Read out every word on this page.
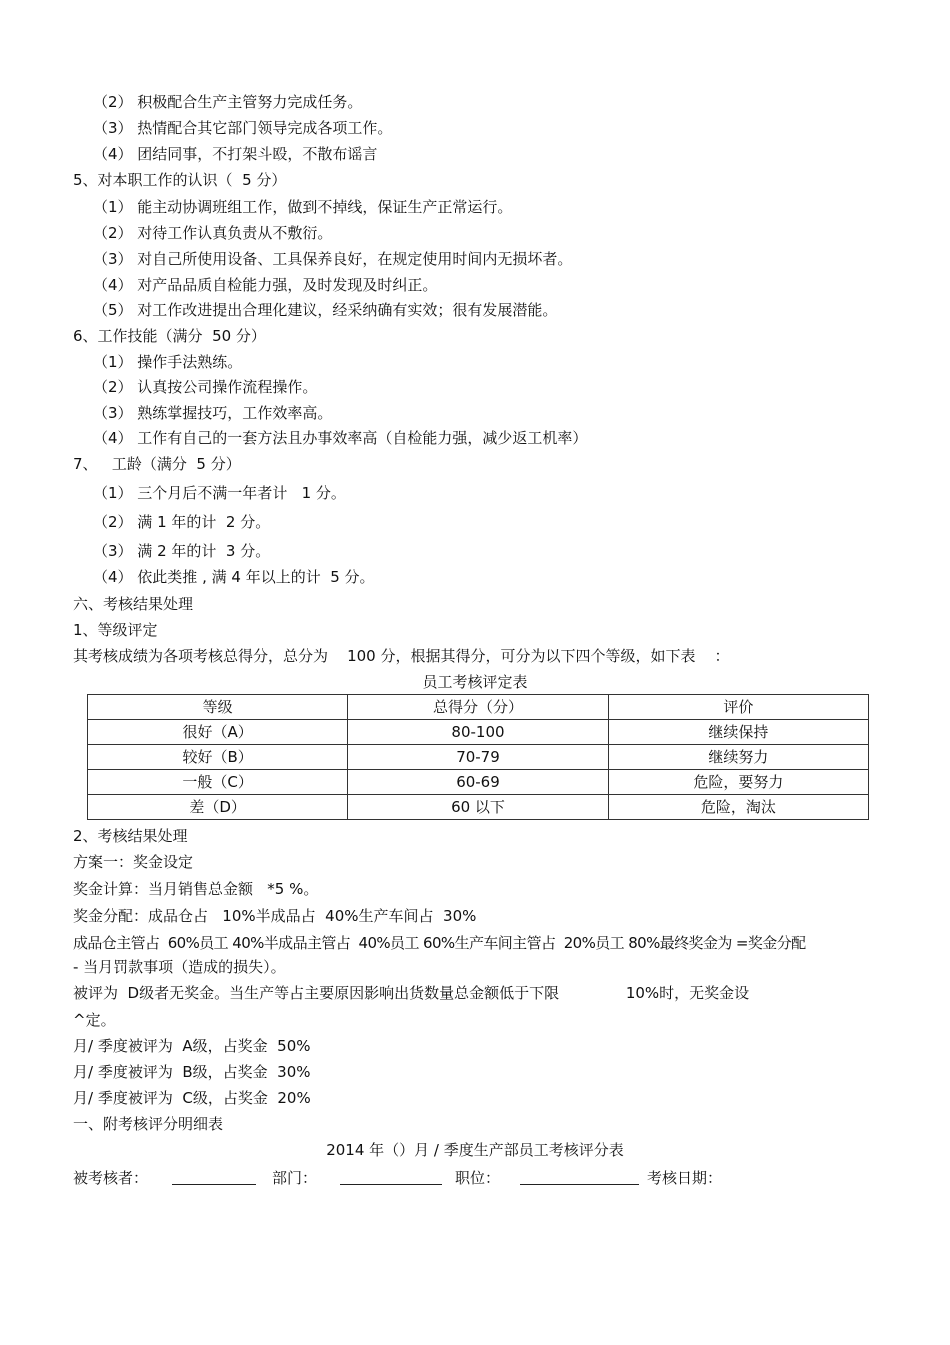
（2） 积极配合生产主管努力完成任务。
（3） 热情配合其它部门领导完成各项工作。
（4） 团结同事，不打架斗殴，不散布谣言
5、对本职工作的认识（  5 分）
（1） 能主动协调班组工作，做到不掉线，保证生产正常运行。
（2） 对待工作认真负责从不敷衍。
（3） 对自己所使用设备、工具保养良好，在规定使用时间内无损坏者。
（4） 对产品品质自检能力强，及时发现及时纠正。
（5） 对工作改进提出合理化建议，经采纳确有实效；很有发展潜能。
6、工作技能（满分  50 分）
（1） 操作手法熟练。
（2） 认真按公司操作流程操作。
（3） 熟练掌握技巧，工作效率高。
（4） 工作有自己的一套方法且办事效率高（自检能力强，减少返工机率）
7、   工龄（满分  5 分）
（1） 三个月后不满一年者计   1 分。
（2） 满 1 年的计  2 分。
（3） 满 2 年的计  3 分。
（4） 依此类推 , 满 4 年以上的计  5 分。
六、考核结果处理
1、等级评定
其考核成绩为各项考核总得分，总分为    100 分，根据其得分，可分为以下四个等级，如下表    ：
员工考核评定表
等级	总得分（分）	评价
很好（A）	80-100	继续保持
较好（B）	70-79	继续努力
一般（C）	60-69	危险，要努力
差（D）	60 以下	危险，淘汰
2、考核结果处理
方案一：奖金设定
奖金计算：当月销售总金额   *5 %。
奖金分配：成品仓占   10%半成品占  40%生产车间占  30%
成品仓主管占  60%员工 40%半成品主管占  40%员工 60%生产车间主管占  20%员工 80%最终奖金为 =奖金分配
- 当月罚款事项（造成的损失）。
被评为  D级者无奖金。当生产等占主要原因影响出货数量总金额低于下限              10%时，无奖金设
^定。
月/ 季度被评为  A级，占奖金  50%
月/ 季度被评为  B级，占奖金  30%
月/ 季度被评为  C级，占奖金  20%
一、附考核评分明细表
2014 年（）月 / 季度生产部员工考核评分表
被考核者：	部门：	职位：	考核日期：
